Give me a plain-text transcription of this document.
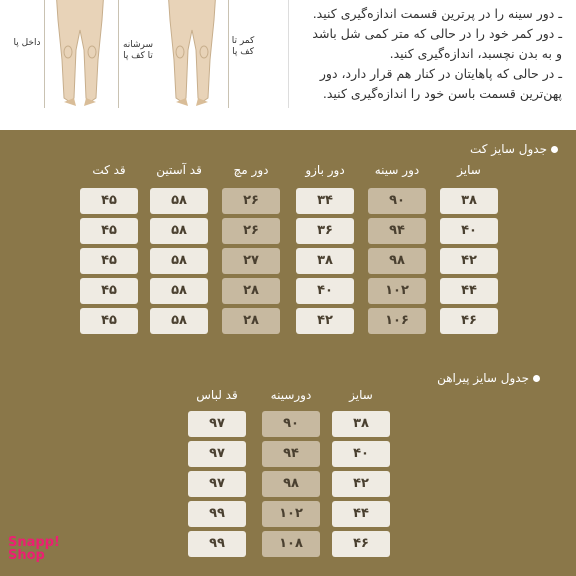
داخل پا	سرشانه
تا کف پا
کمر تا
کف پا

ـ دور سینه را در پرترین قسمت اندازه‌گیری کنید.

ـ دور کمر خود را در حالی که متر کمی شل باشد

و به بدن نچسبد، اندازه‌گیری کنید.

ـ در حالی که پاهایتان در کنار هم قرار دارد، دور

پهن‌ترین قسمت باسن خود را اندازه‌گیری کنید.

جدول سایز کت
سایز
۳۸
۴۰
۴۲
۴۴
۴۶
دور سینه
۹۰
۹۴
۹۸
۱۰۲
۱۰۶
دور بازو
۳۴
۳۶
۳۸
۴۰
۴۲
دور مچ
۲۶
۲۶
۲۷
۲۸
۲۸
قد آستین
۵۸
۵۸
۵۸
۵۸
۵۸
قد کت
۴۵
۴۵
۴۵
۴۵
۴۵
جدول سایز پیراهن
سایز
۳۸
۴۰
۴۲
۴۴
۴۶
دورسینه
۹۰
۹۴
۹۸
۱۰۲
۱۰۸
قد لباس
۹۷
۹۷
۹۷
۹۹
۹۹
Snapp!
Shop
